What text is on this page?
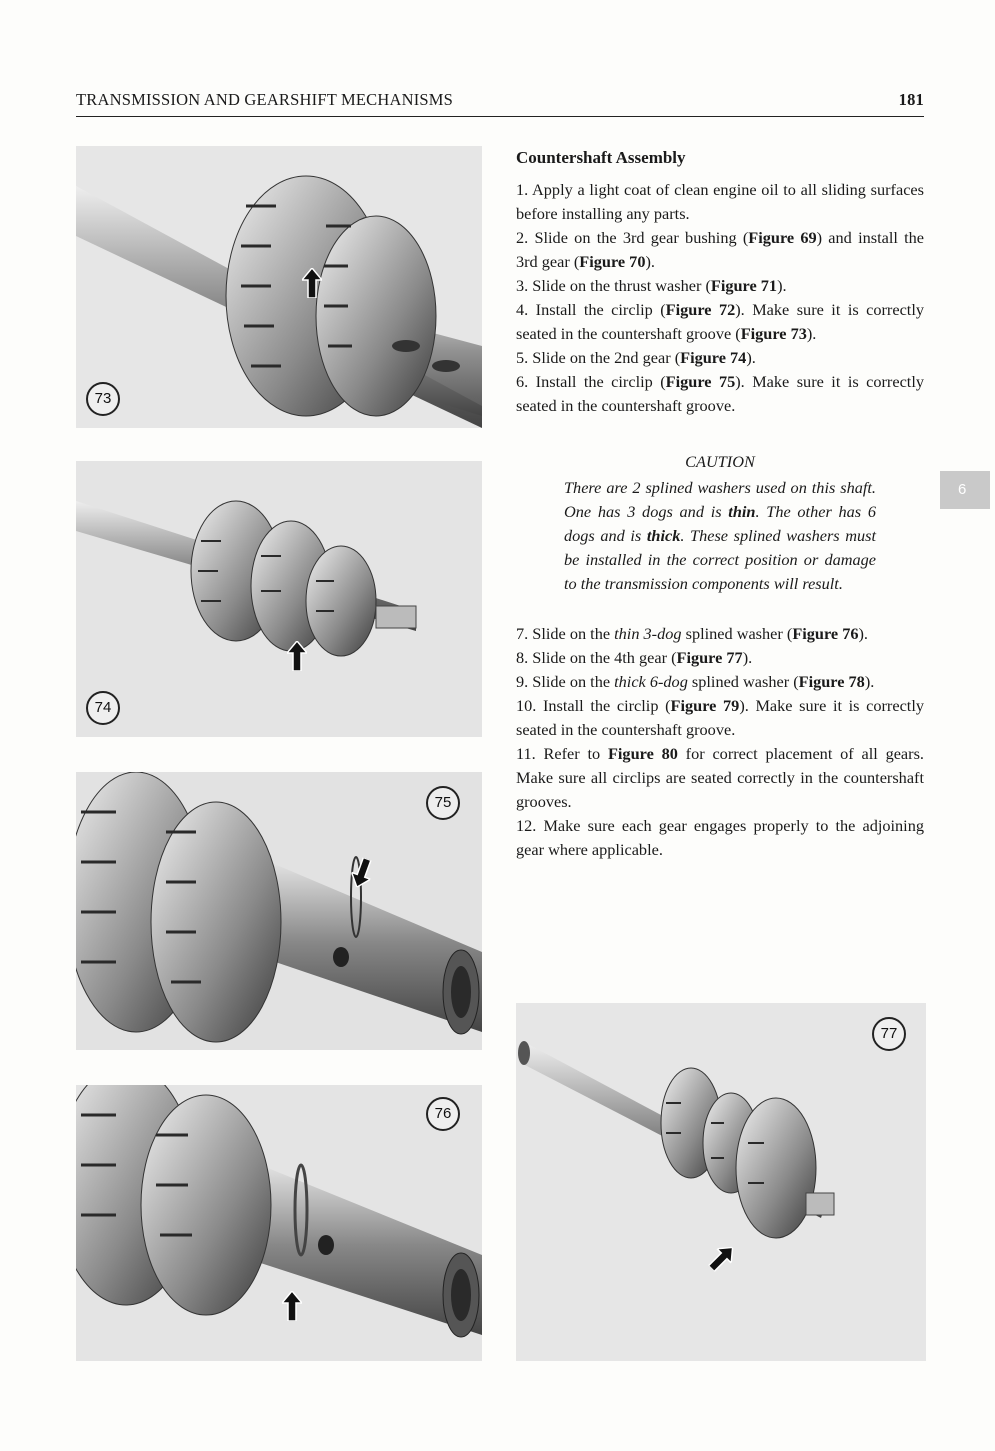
TRANSMISSION AND GEARSHIFT MECHANISMS	181
6
73
74
75
76
77
Countershaft Assembly

1. Apply a light coat of clean engine oil to all sliding surfaces before installing any parts.

2. Slide on the 3rd gear bushing (Figure 69) and install the 3rd gear (Figure 70).

3. Slide on the thrust washer (Figure 71).

4. Install the circlip (Figure 72). Make sure it is correctly seated in the countershaft groove (Figure 73).

5. Slide on the 2nd gear (Figure 74).

6. Install the circlip (Figure 75). Make sure it is correctly seated in the countershaft groove.

CAUTION
There are 2 splined washers used on this shaft. One has 3 dogs and is thin. The other has 6 dogs and is thick. These splined washers must be installed in the correct position or damage to the transmission components will result.

7. Slide on the thin 3-dog splined washer (Figure 76).

8. Slide on the 4th gear (Figure 77).

9. Slide on the thick 6-dog splined washer (Figure 78).

10. Install the circlip (Figure 79). Make sure it is correctly seated in the countershaft groove.

11. Refer to Figure 80 for correct placement of all gears. Make sure all circlips are seated correctly in the countershaft grooves.

12. Make sure each gear engages properly to the adjoining gear where applicable.
